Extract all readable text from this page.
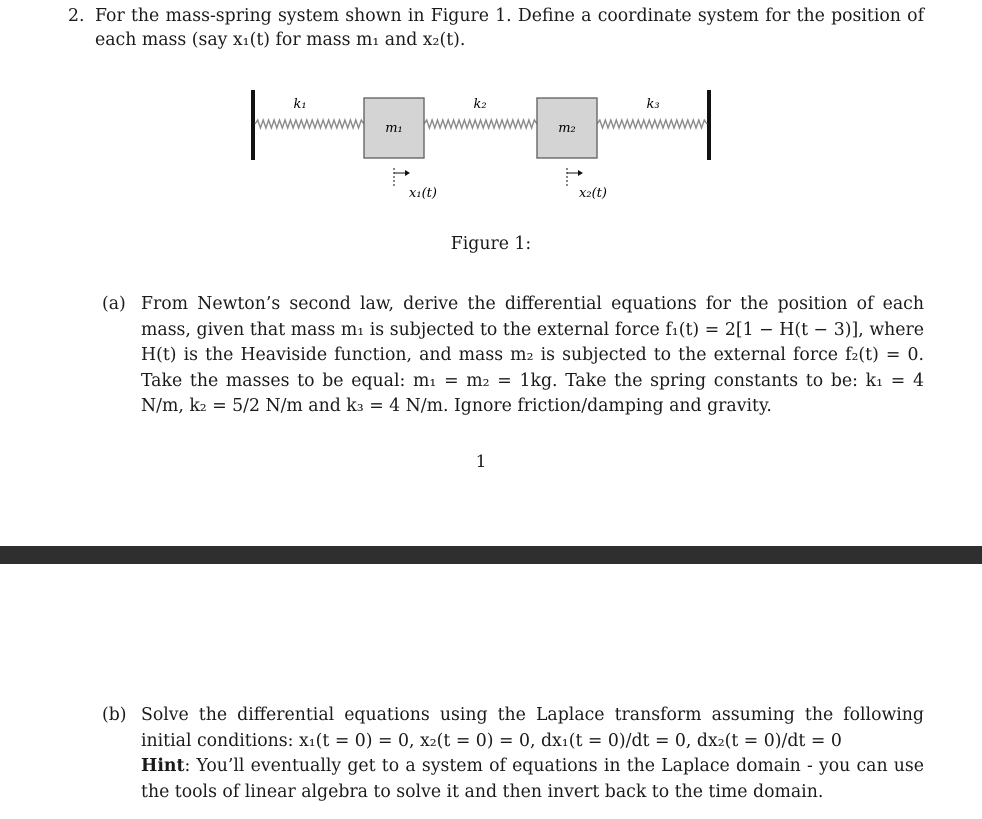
2. For the mass-spring system shown in Figure 1. Define a coordinate system for the position of each mass (say x₁(t) for mass m₁ and x₂(t).
k₁	k₂	k₃
m₁	m₂
x₁(t)	x₂(t)
Figure 1:
(a) From Newton’s second law, derive the differential equations for the position of each mass, given that mass m₁ is subjected to the external force f₁(t) = 2[1 − H(t − 3)], where H(t) is the Heaviside function, and mass m₂ is subjected to the external force f₂(t) = 0. Take the masses to be equal: m₁ = m₂ = 1kg. Take the spring constants to be: k₁ = 4 N/m, k₂ = 5/2 N/m and k₃ = 4 N/m. Ignore friction/damping and gravity.
1
(b) Solve the differential equations using the Laplace transform assuming the following initial conditions: x₁(t = 0) = 0, x₂(t = 0) = 0, dx₁(t = 0)/dt = 0, dx₂(t = 0)/dt = 0
Hint: You’ll eventually get to a system of equations in the Laplace domain - you can use the tools of linear algebra to solve it and then invert back to the time domain.
